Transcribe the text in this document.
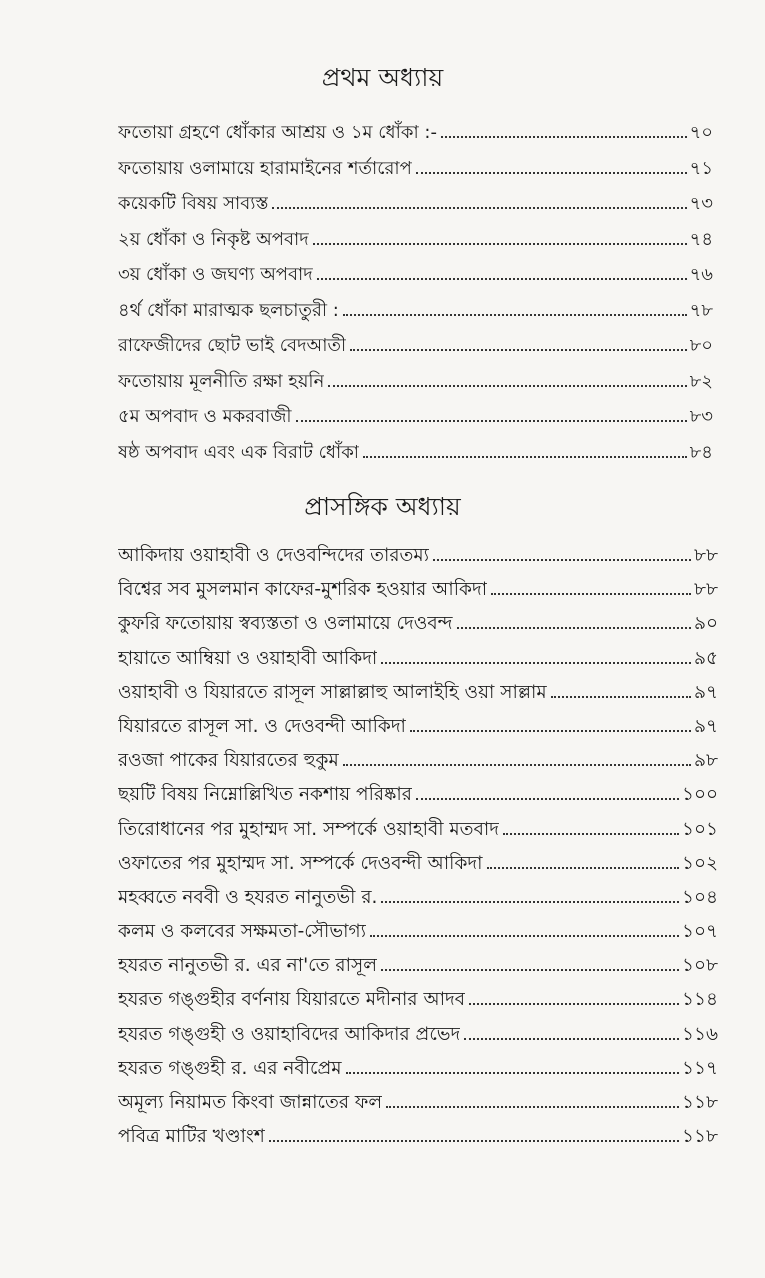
প্রথম অধ্যায়
ফতোয়া গ্রহণে ধোঁকার আশ্রয় ও ১ম ধোঁকা :-	৭০
ফতোয়ায় ওলামায়ে হারামাইনের শর্তারোপ	৭১
কয়েকটি বিষয় সাব্যস্ত	৭৩
২য় ধোঁকা ও নিকৃষ্ট অপবাদ	৭৪
৩য় ধোঁকা ও জঘণ্য অপবাদ	৭৬
৪র্থ ধোঁকা মারাত্মক ছলচাতুরী :	৭৮
রাফেজীদের ছোট ভাই বেদআতী	৮০
ফতোয়ায় মূলনীতি রক্ষা হয়নি	৮২
৫ম অপবাদ ও মকরবাজী	৮৩
ষষ্ঠ অপবাদ এবং এক বিরাট ধোঁকা	৮৪
প্রাসঙ্গিক অধ্যায়
আকিদায় ওয়াহাবী ও দেওবন্দিদের তারতম্য	৮৮
বিশ্বের সব মুসলমান কাফের-মুশরিক হওয়ার আকিদা	৮৮
কুফরি ফতোয়ায় স্বব্যস্ততা ও ওলামায়ে দেওবন্দ	৯০
হায়াতে আম্বিয়া ও ওয়াহাবী আকিদা	৯৫
ওয়াহাবী ও যিয়ারতে রাসূল সাল্লাল্লাহু আলাইহি ওয়া সাল্লাম	৯৭
যিয়ারতে রাসূল সা. ও দেওবন্দী আকিদা	৯৭
রওজা পাকের যিয়ারতের হুকুম	৯৮
ছয়টি বিষয় নিম্নোল্লিখিত নকশায় পরিষ্কার	১০০
তিরোধানের পর মুহাম্মদ সা. সম্পর্কে ওয়াহাবী মতবাদ	১০১
ওফাতের পর মুহাম্মদ সা. সম্পর্কে দেওবন্দী আকিদা	১০২
মহব্বতে নববী ও হযরত নানুতভী র.	১০৪
কলম ও কলবের সক্ষমতা-সৌভাগ্য	১০৭
হযরত নানুতভী র. এর না'তে রাসূল	১০৮
হযরত গঙ্গুহীর বর্ণনায় যিয়ারতে মদীনার আদব	১১৪
হযরত গঙ্গুহী ও ওয়াহাবিদের আকিদার প্রভেদ	১১৬
হযরত গঙ্গুহী র. এর নবীপ্রেম	১১৭
অমূল্য নিয়ামত কিংবা জান্নাতের ফল	১১৮
পবিত্র মাটির খণ্ডাংশ	১১৮
